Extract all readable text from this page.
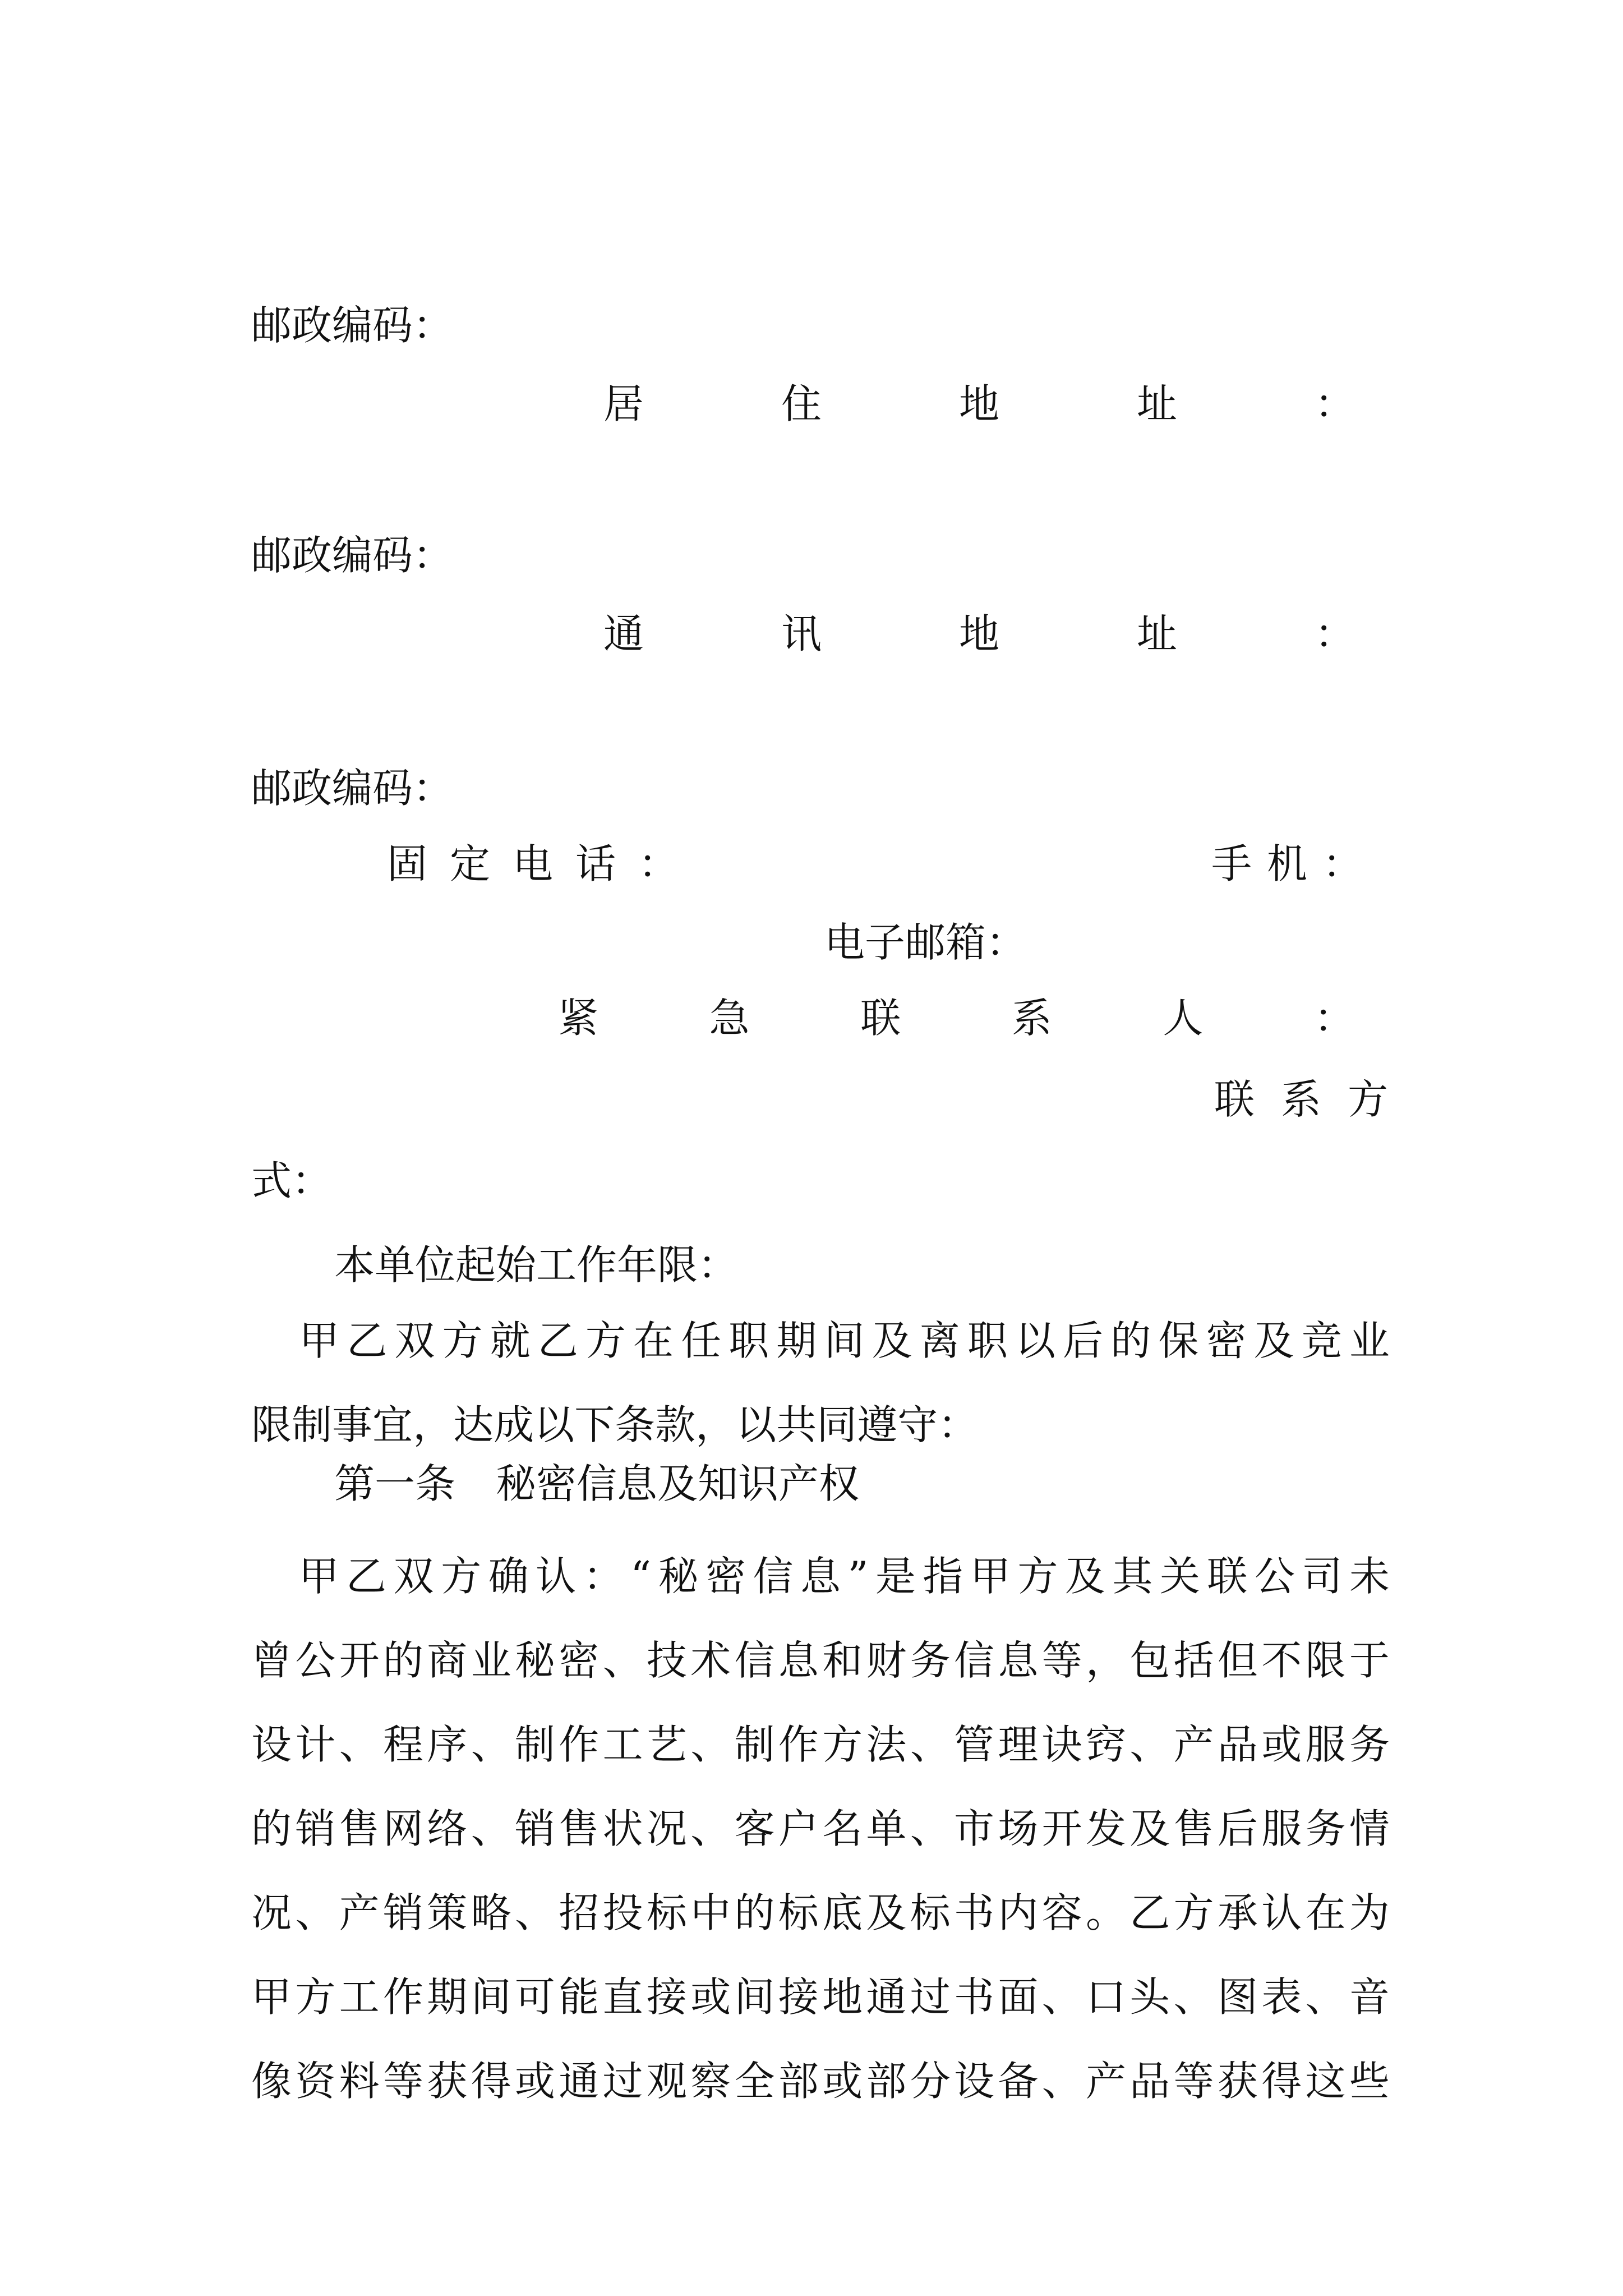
邮政编码：
居	住	地	址	：
邮政编码：
通	讯	地	址	：
邮政编码：
固 定 电 话 ：	手 机 ：
电子邮箱：
紧	急	联	系	人	：
联 系 方
式：
本单位起始工作年限：

甲 乙 双 方 就 乙 方 在 任 职 期 间 及 离 职 以 后 的 保 密 及 竞 业
限 制 事 宜 ， 达 成 以 下 条 款 ， 以 共 同 遵 守 ：
第一条　秘密信息及知识产权

甲 乙 双 方 确 认 ： “ 秘 密 信 息 ” 是 指 甲 方 及 其 关 联 公 司 未
曾 公 开 的 商 业 秘 密 、 技 术 信 息 和 财 务 信 息 等 ， 包 括 但 不 限 于
设 计 、 程 序 、 制 作 工 艺 、 制 作 方 法 、 管 理 诀 窍 、 产 品 或 服 务
的 销 售 网 络 、 销 售 状 况 、 客 户 名 单 、 市 场 开 发 及 售 后 服 务 情
况 、 产 销 策 略 、 招 投 标 中 的 标 底 及 标 书 内 容 。 乙 方 承 认 在 为
甲 方 工 作 期 间 可 能 直 接 或 间 接 地 通 过 书 面 、 口 头 、 图 表 、 音
像 资 料 等 获 得 或 通 过 观 察 全 部 或 部 分 设 备 、 产 品 等 获 得 这 些
